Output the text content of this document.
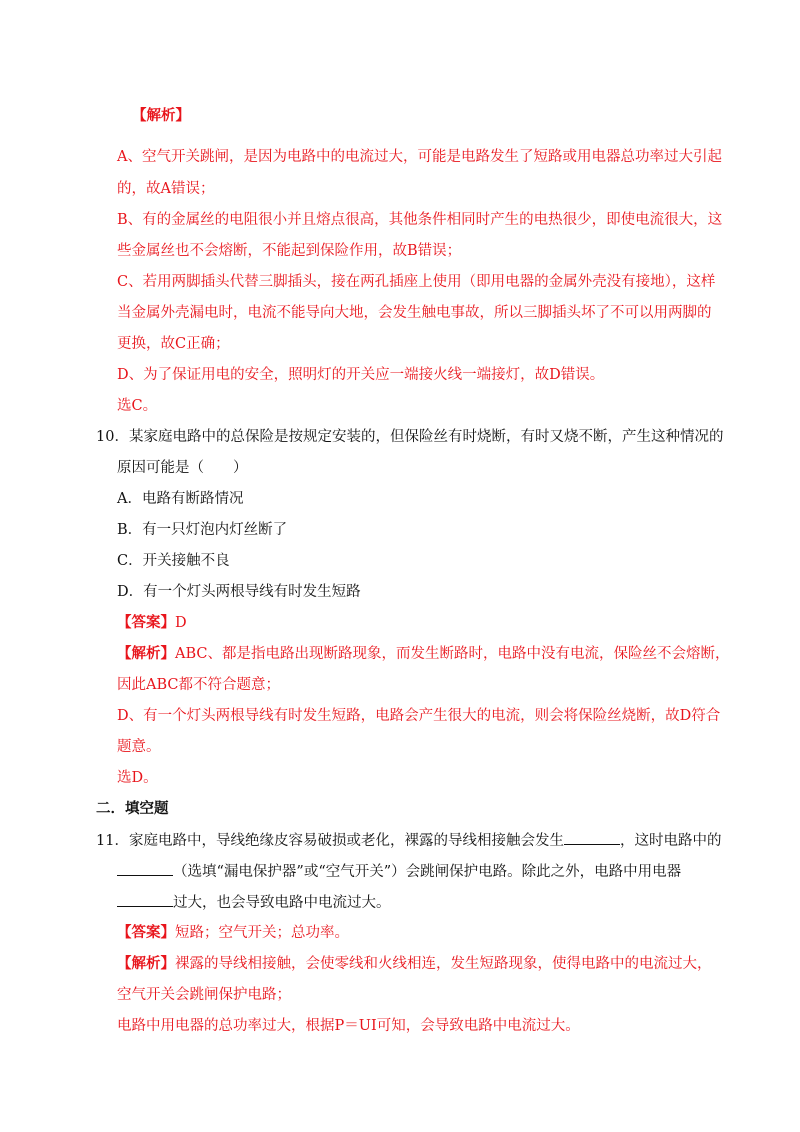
【解析】
A、空气开关跳闸，是因为电路中的电流过大，可能是电路发生了短路或用电器总功率过大引起
的，故A错误；
B、有的金属丝的电阻很小并且熔点很高，其他条件相同时产生的电热很少，即使电流很大，这
些金属丝也不会熔断，不能起到保险作用，故B错误；
C、若用两脚插头代替三脚插头，接在两孔插座上使用（即用电器的金属外壳没有接地），这样
当金属外壳漏电时，电流不能导向大地，会发生触电事故，所以三脚插头坏了不可以用两脚的
更换，故C正确；
D、为了保证用电的安全，照明灯的开关应一端接火线一端接灯，故D错误。
选C。
10．某家庭电路中的总保险是按规定安装的，但保险丝有时烧断，有时又烧不断，产生这种情况的
原因可能是（　　）
A．电路有断路情况
B．有一只灯泡内灯丝断了
C．开关接触不良
D．有一个灯头两根导线有时发生短路
【答案】D
【解析】ABC、都是指电路出现断路现象，而发生断路时，电路中没有电流，保险丝不会熔断，
因此ABC都不符合题意；
D、有一个灯头两根导线有时发生短路，电路会产生很大的电流，则会将保险丝烧断，故D符合
题意。
选D。
二．填空题
11．家庭电路中，导线绝缘皮容易破损或老化，裸露的导线相接触会发生	，这时电路中的
（选填“漏电保护器”或“空气开关”）会跳闸保护电路。除此之外，电路中用电器
过大，也会导致电路中电流过大。
【答案】短路；空气开关；总功率。
【解析】裸露的导线相接触，会使零线和火线相连，发生短路现象，使得电路中的电流过大，
空气开关会跳闸保护电路；
电路中用电器的总功率过大，根据P＝UI可知，会导致电路中电流过大。
